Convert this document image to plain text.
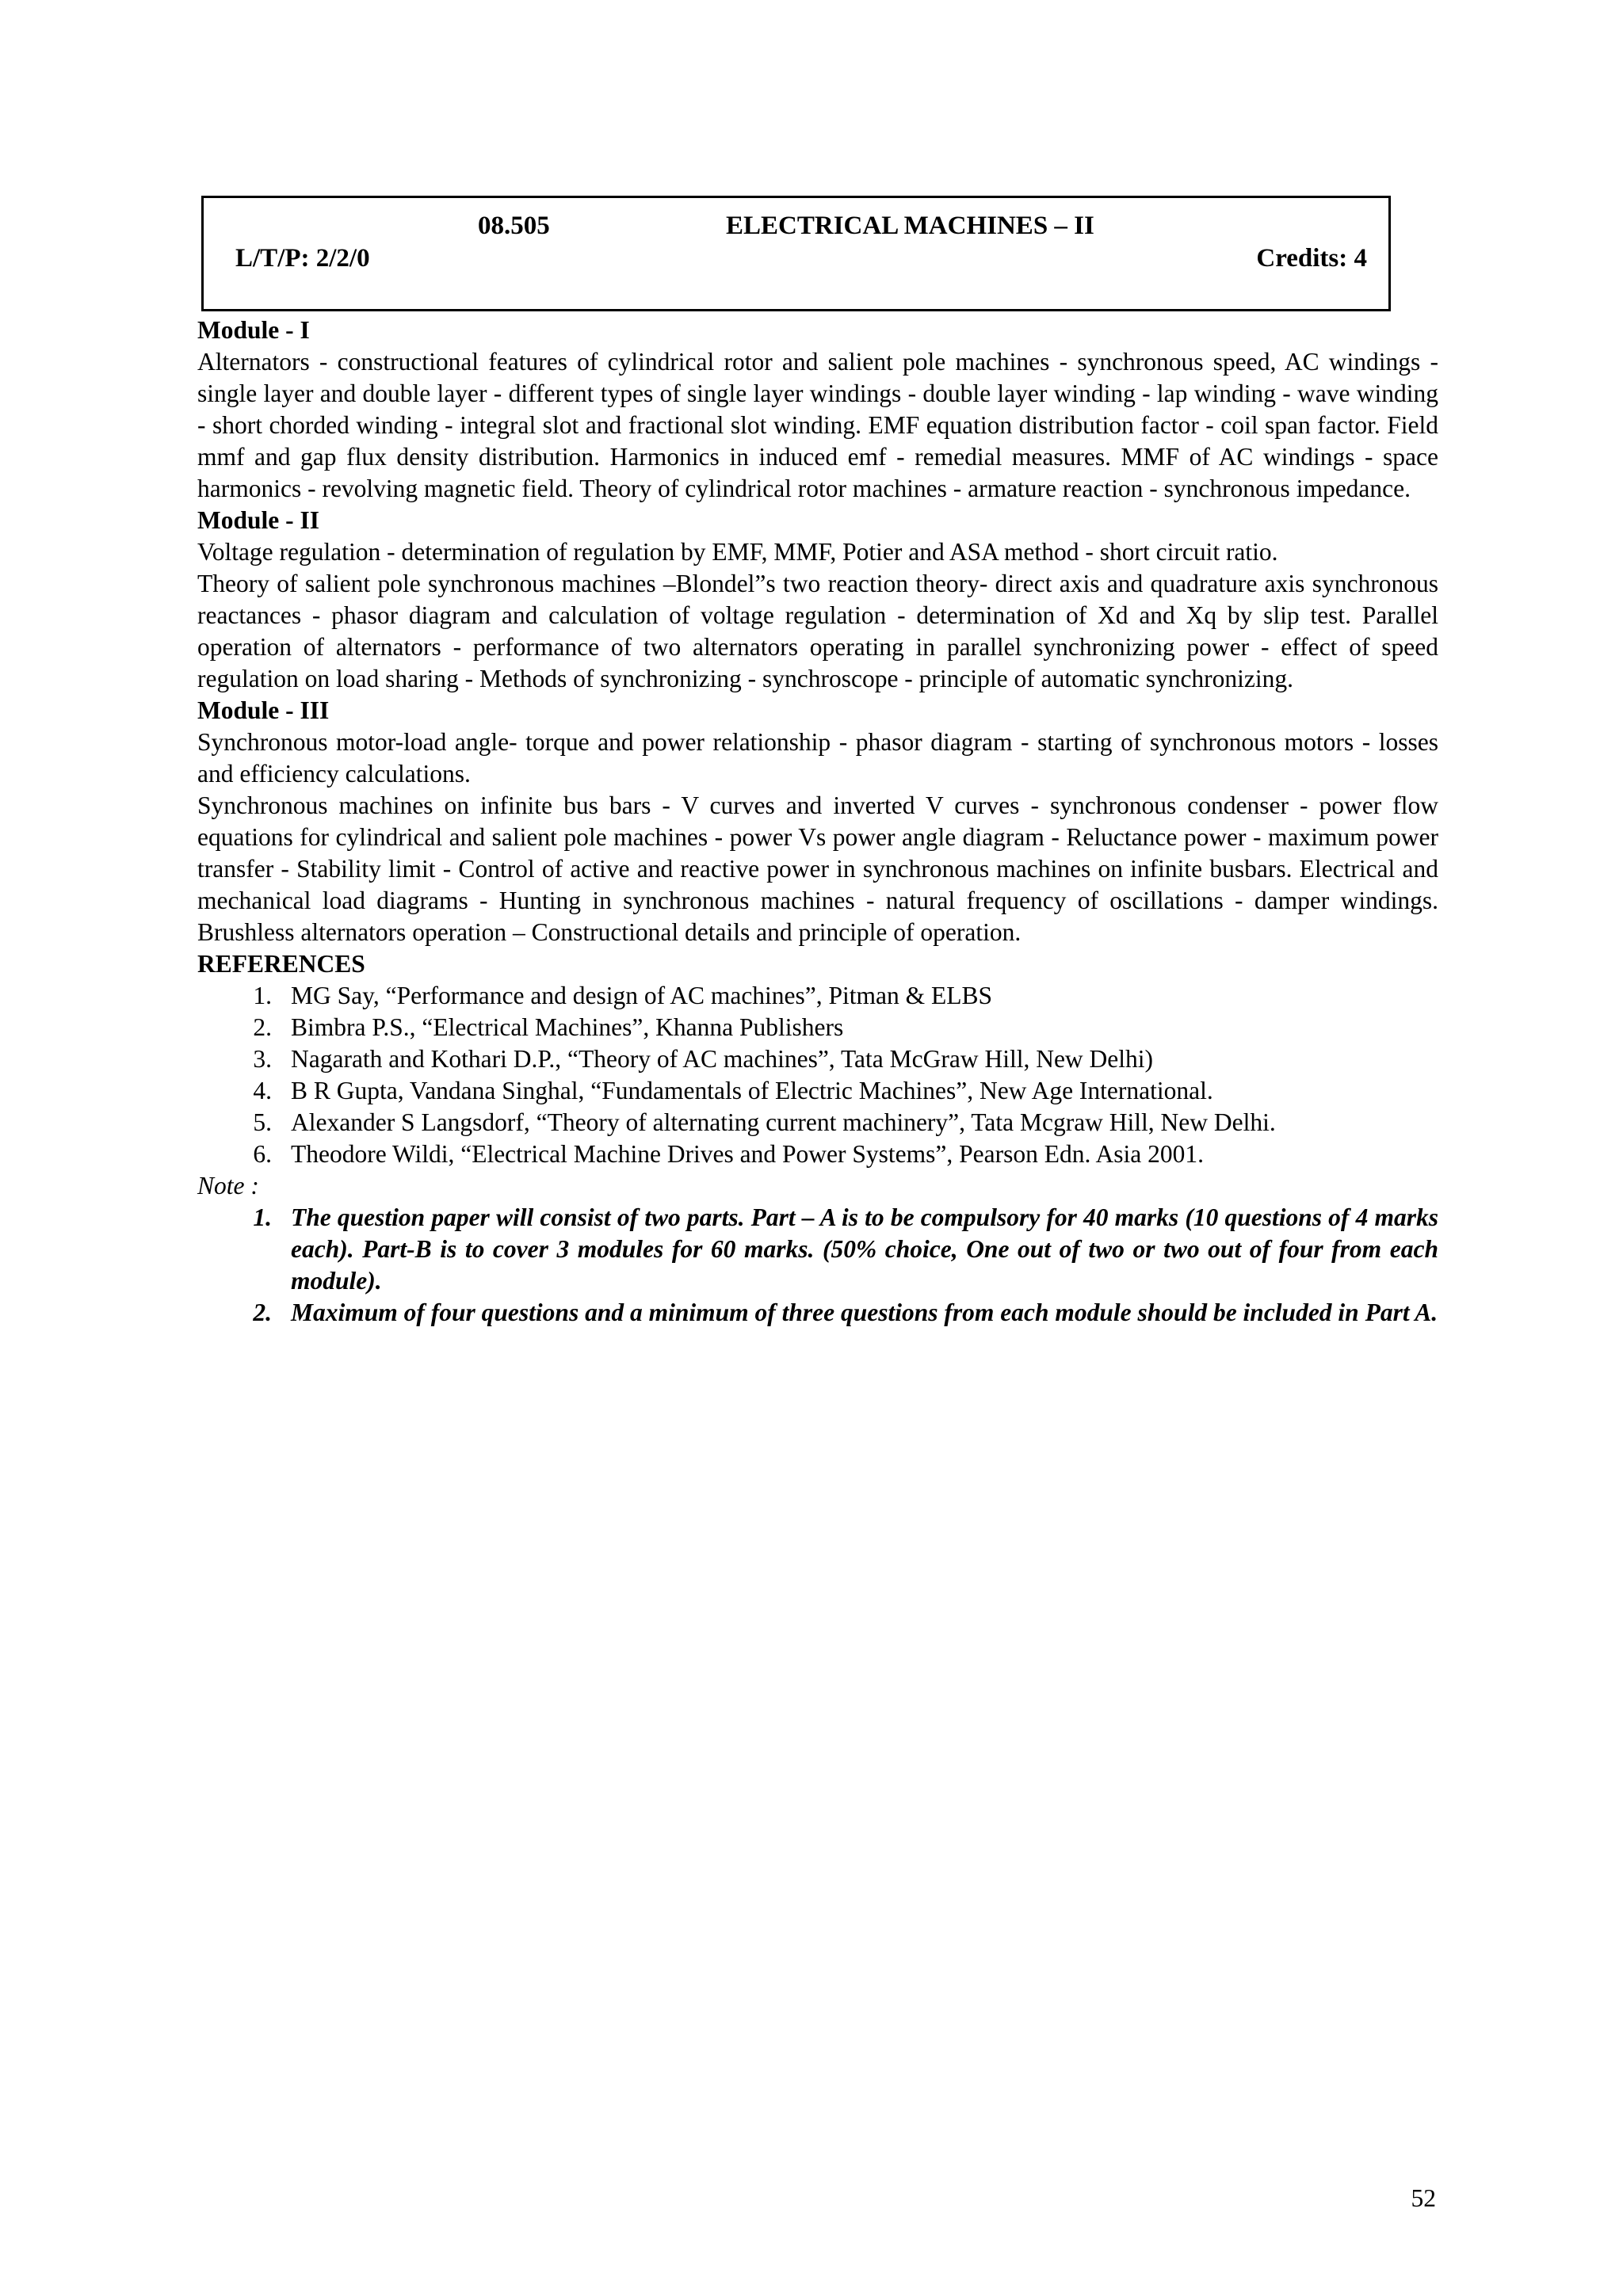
08.505	ELECTRICAL MACHINES – II
L/T/P: 2/2/0	Credits: 4

Module - I

Alternators - constructional features of cylindrical rotor and salient pole machines - synchronous speed, AC windings - single layer and double layer - different types of single layer windings - double layer winding - lap winding - wave winding - short chorded winding - integral slot and fractional slot winding. EMF equation distribution factor - coil span factor. Field mmf and gap flux density distribution. Harmonics in induced emf - remedial measures. MMF of AC windings - space harmonics - revolving magnetic field. Theory of cylindrical rotor machines - armature reaction - synchronous impedance.

Module - II

Voltage regulation - determination of regulation by EMF, MMF, Potier and ASA method - short circuit ratio.

Theory of salient pole synchronous machines –Blondel”s two reaction theory- direct axis and quadrature axis synchronous reactances - phasor diagram and calculation of voltage regulation - determination of Xd and Xq by slip test. Parallel operation of alternators - performance of two alternators operating in parallel synchronizing power - effect of speed regulation on load sharing - Methods of synchronizing - synchroscope - principle of automatic synchronizing.

Module - III

Synchronous motor-load angle- torque and power relationship - phasor diagram - starting of synchronous motors - losses and efficiency calculations.

Synchronous machines on infinite bus bars - V curves and inverted V curves - synchronous condenser - power flow equations for cylindrical and salient pole machines - power Vs power angle diagram - Reluctance power - maximum power transfer - Stability limit - Control of active and reactive power in synchronous machines on infinite busbars. Electrical and mechanical load diagrams - Hunting in synchronous machines - natural frequency of oscillations - damper windings. Brushless alternators operation – Constructional details and principle of operation.

REFERENCES

1. MG Say, “Performance and design of AC machines”, Pitman & ELBS
2. Bimbra P.S., “Electrical Machines”, Khanna Publishers
3. Nagarath and Kothari D.P., “Theory of AC machines”, Tata McGraw Hill, New Delhi)
4. B R Gupta, Vandana Singhal, “Fundamentals of Electric Machines”, New Age International.
5. Alexander S Langsdorf, “Theory of alternating current machinery”, Tata Mcgraw Hill, New Delhi.
6. Theodore Wildi, “Electrical Machine Drives and Power Systems”, Pearson Edn. Asia 2001.

Note :

1. The question paper will consist of two parts. Part – A is to be compulsory for 40 marks (10 questions of 4 marks each). Part-B is to cover 3 modules for 60 marks. (50% choice, One out of two or two out of four from each module).
2. Maximum of four questions and a minimum of three questions from each module should be included in Part A.
52
